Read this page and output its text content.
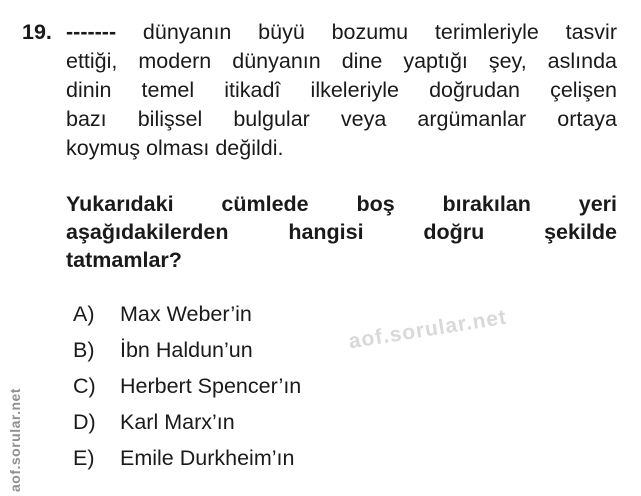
19. ------- dünyanın büyü bozumu terimleriyle tasvir
ettiği, modern dünyanın dine yaptığı şey, aslında
dinin temel itikadî ilkeleriyle doğrudan çelişen
bazı bilişsel bulgular veya argümanlar ortaya
koymuş olması değildi.
Yukarıdaki cümlede boş bırakılan yeri
aşağıdakilerden hangisi doğru şekilde
tatmamlar?
A)	Max Weber’in
B)	İbn Haldun’un
C)	Herbert Spencer’ın
D)	Karl Marx’ın
E)	Emile Durkheim’ın
aof.sorular.net
aof.sorular.net
